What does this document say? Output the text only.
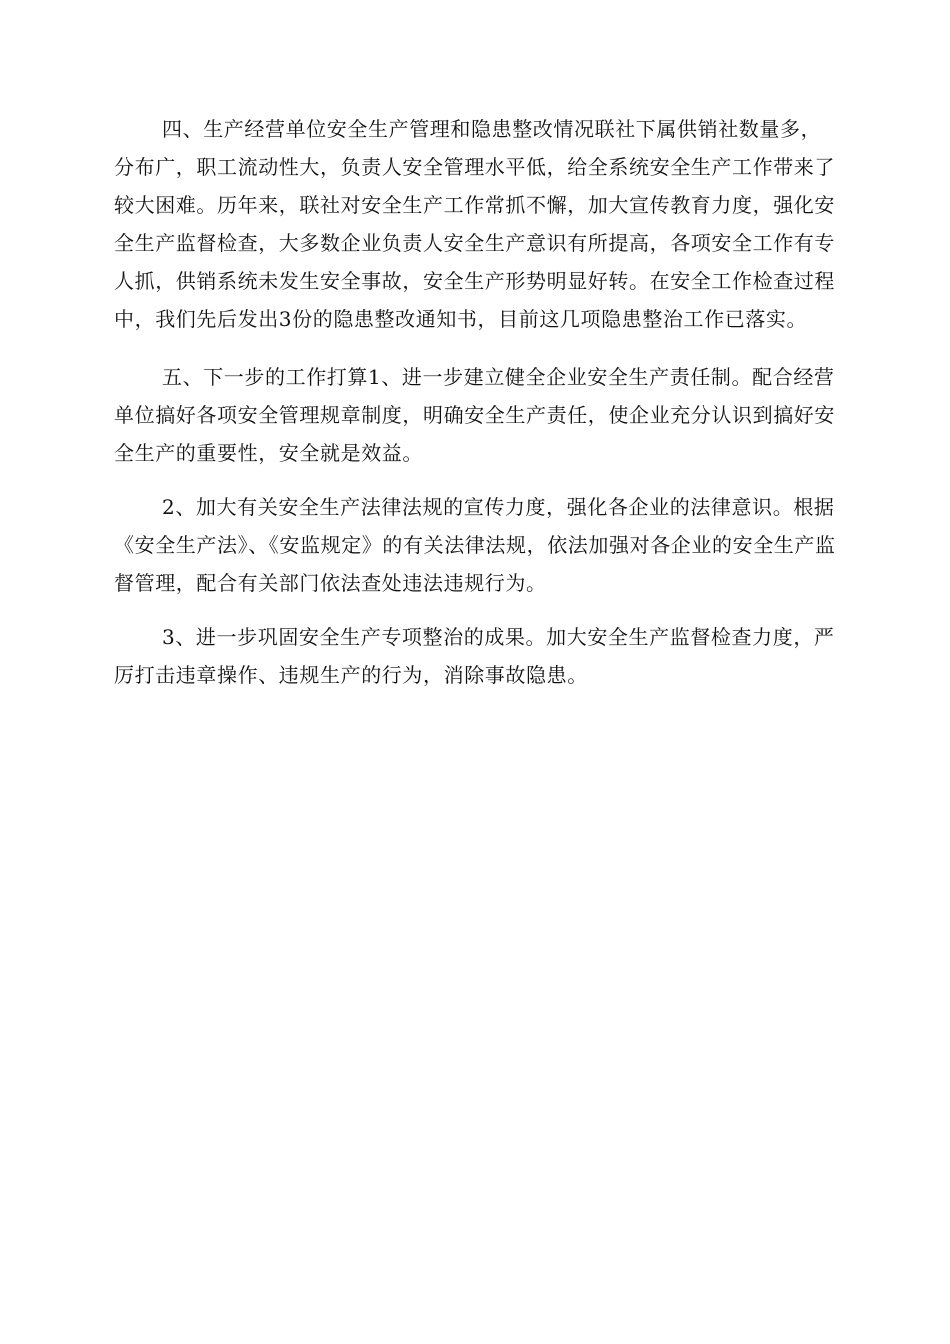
四、生产经营单位安全生产管理和隐患整改情况联社下属供销社数量多，分布广，职工流动性大，负责人安全管理水平低，给全系统安全生产工作带来了较大困难。历年来，联社对安全生产工作常抓不懈，加大宣传教育力度，强化安全生产监督检查，大多数企业负责人安全生产意识有所提高，各项安全工作有专人抓，供销系统未发生安全事故，安全生产形势明显好转。在安全工作检查过程中，我们先后发出3份的隐患整改通知书，目前这几项隐患整治工作已落实。

五、下一步的工作打算1、进一步建立健全企业安全生产责任制。配合经营单位搞好各项安全管理规章制度，明确安全生产责任，使企业充分认识到搞好安全生产的重要性，安全就是效益。

2、加大有关安全生产法律法规的宣传力度，强化各企业的法律意识。根据《安全生产法》、《安监规定》的有关法律法规，依法加强对各企业的安全生产监督管理，配合有关部门依法查处违法违规行为。

3、进一步巩固安全生产专项整治的成果。加大安全生产监督检查力度，严厉打击违章操作、违规生产的行为，消除事故隐患。
